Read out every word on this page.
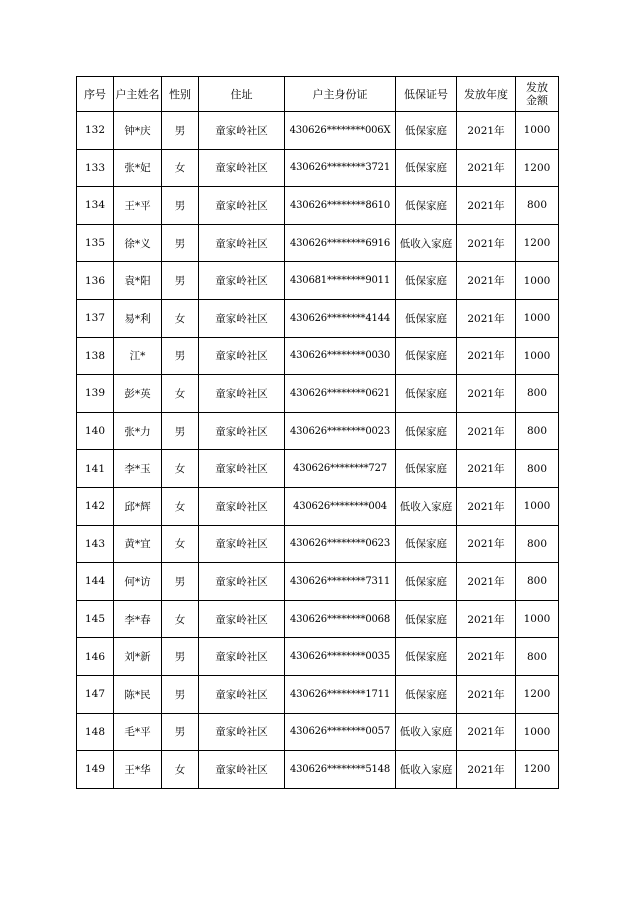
序号	户主姓名	性别	住址	户主身份证	低保证号	发放年度	发放
金额

132	钟*庆	男	童家岭社区	430626********006X	低保家庭	2021年	1000
133	张*妃	女	童家岭社区	430626********3721	低保家庭	2021年	1200
134	王*平	男	童家岭社区	430626********8610	低保家庭	2021年	800
135	徐*义	男	童家岭社区	430626********6916	低收入家庭	2021年	1200
136	袁*阳	男	童家岭社区	430681********9011	低保家庭	2021年	1000
137	易*利	女	童家岭社区	430626********4144	低保家庭	2021年	1000
138	江*	男	童家岭社区	430626********0030	低保家庭	2021年	1000
139	彭*英	女	童家岭社区	430626********0621	低保家庭	2021年	800
140	张*力	男	童家岭社区	430626********0023	低保家庭	2021年	800
141	李*玉	女	童家岭社区	430626********727	低保家庭	2021年	800
142	邱*辉	女	童家岭社区	430626********004	低收入家庭	2021年	1000
143	黄*宜	女	童家岭社区	430626********0623	低保家庭	2021年	800
144	何*访	男	童家岭社区	430626********7311	低保家庭	2021年	800
145	李*春	女	童家岭社区	430626********0068	低保家庭	2021年	1000
146	刘*新	男	童家岭社区	430626********0035	低保家庭	2021年	800
147	陈*民	男	童家岭社区	430626********1711	低保家庭	2021年	1200
148	毛*平	男	童家岭社区	430626********0057	低收入家庭	2021年	1000
149	王*华	女	童家岭社区	430626********5148	低收入家庭	2021年	1200
